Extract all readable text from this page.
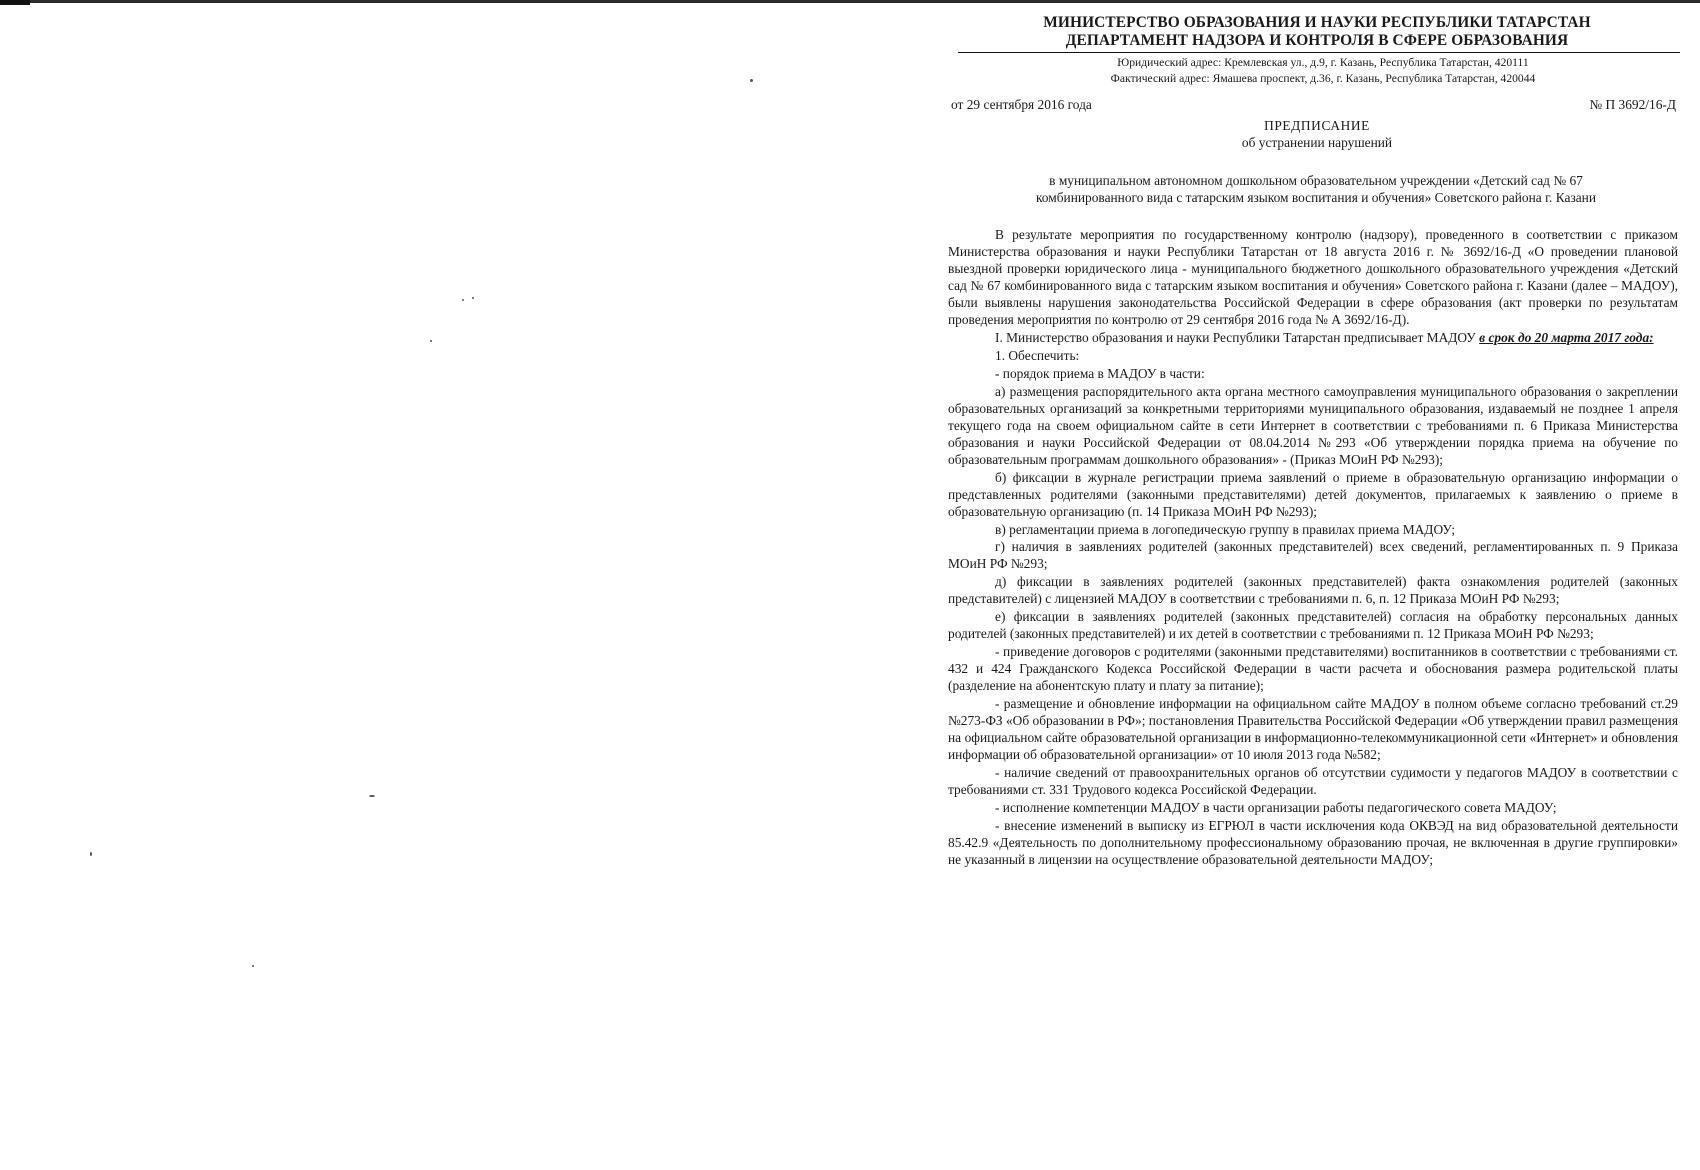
МИНИСТЕРСТВО ОБРАЗОВАНИЯ И НАУКИ РЕСПУБЛИКИ ТАТАРСТАН
ДЕПАРТАМЕНТ НАДЗОРА И КОНТРОЛЯ В СФЕРЕ ОБРАЗОВАНИЯ
Юридический адрес: Кремлевская ул., д.9, г. Казань, Республика Татарстан, 420111
Фактический адрес: Ямашева проспект, д.36, г. Казань, Республика Татарстан, 420044
от 29 сентября 2016 года	№ П 3692/16-Д
ПРЕДПИСАНИЕ
об устранении нарушений
в муниципальном автономном дошкольном образовательном учреждении «Детский сад № 67
комбинированного вида с татарским языком воспитания и обучения» Советского района г. Казани

В результате мероприятия по государственному контролю (надзору), проведенного в соответствии с приказом Министерства образования и науки Республики Татарстан от 18 августа 2016 г. № 3692/16-Д «О проведении плановой выездной проверки юридического лица - муниципального бюджетного дошкольного образовательного учреждения «Детский сад № 67 комбинированного вида с татарским языком воспитания и обучения» Советского района г. Казани (далее – МАДОУ), были выявлены нарушения законодательства Российской Федерации в сфере образования (акт проверки по результатам проведения мероприятия по контролю от 29 сентября 2016 года № А 3692/16-Д).

I. Министерство образования и науки Республики Татарстан предписывает МАДОУ в срок до 20 марта 2017 года:

1. Обеспечить:

- порядок приема в МАДОУ в части:

а) размещения распорядительного акта органа местного самоуправления муниципального образования о закреплении образовательных организаций за конкретными территориями муниципального образования, издаваемый не позднее 1 апреля текущего года на своем официальном сайте в сети Интернет в соответствии с требованиями п. 6 Приказа Министерства образования и науки Российской Федерации от 08.04.2014 №293 «Об утверждении порядка приема на обучение по образовательным программам дошкольного образования» - (Приказ МОиН РФ №293);

б) фиксации в журнале регистрации приема заявлений о приеме в образовательную организацию информации о представленных родителями (законными представителями) детей документов, прилагаемых к заявлению о приеме в образовательную организацию (п. 14 Приказа МОиН РФ №293);

в) регламентации приема в логопедическую группу в правилах приема МАДОУ;

г) наличия в заявлениях родителей (законных представителей) всех сведений, регламентированных п. 9 Приказа МОиН РФ №293;

д) фиксации в заявлениях родителей (законных представителей) факта ознакомления родителей (законных представителей) с лицензией МАДОУ в соответствии с требованиями п. 6, п. 12 Приказа МОиН РФ №293;

е) фиксации в заявлениях родителей (законных представителей) согласия на обработку персональных данных родителей (законных представителей) и их детей в соответствии с требованиями п. 12 Приказа МОиН РФ №293;

- приведение договоров с родителями (законными представителями) воспитанников в соответствии с требованиями ст. 432 и 424 Гражданского Кодекса Российской Федерации в части расчета и обоснования размера родительской платы (разделение на абонентскую плату и плату за питание);

- размещение и обновление информации на официальном сайте МАДОУ в полном объеме согласно требований ст.29 №273-ФЗ «Об образовании в РФ»; постановления Правительства Российской Федерации «Об утверждении правил размещения на официальном сайте образовательной организации в информационно-телекоммуникационной сети «Интернет» и обновления информации об образовательной организации» от 10 июля 2013 года №582;

- наличие сведений от правоохранительных органов об отсутствии судимости у педагогов МАДОУ в соответствии с требованиями ст. 331 Трудового кодекса Российской Федерации.

- исполнение компетенции МАДОУ в части организации работы педагогического совета МАДОУ;

- внесение изменений в выписку из ЕГРЮЛ в части исключения кода ОКВЭД на вид образовательной деятельности 85.42.9 «Деятельность по дополнительному профессиональному образованию прочая, не включенная в другие группировки» не указанный в лицензии на осуществление образовательной деятельности МАДОУ;
